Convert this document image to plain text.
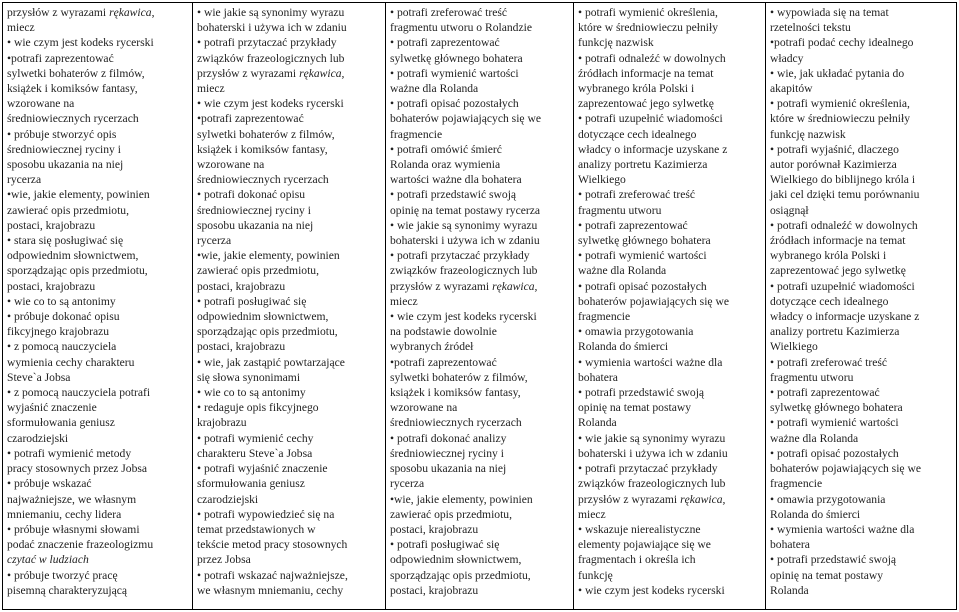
przysłów z wyrazami rękawica,
miecz
• wie czym jest kodeks rycerski
•potrafi zaprezentować
sylwetki bohaterów z filmów,
książek i komiksów fantasy,
wzorowane na
średniowiecznych rycerzach
• próbuje stworzyć opis
średniowiecznej ryciny i
sposobu ukazania na niej
rycerza
•wie, jakie elementy, powinien
zawierać opis przedmiotu,
postaci, krajobrazu
• stara się posługiwać się
odpowiednim słownictwem,
sporządzając opis przedmiotu,
postaci, krajobrazu
• wie co to są antonimy
• próbuje dokonać opisu
fikcyjnego krajobrazu
• z pomocą nauczyciela
wymienia cechy charakteru
Steve`a Jobsa
• z pomocą nauczyciela potrafi
wyjaśnić znaczenie
sformułowania geniusz
czarodziejski
• potrafi wymienić metody
pracy stosownych przez Jobsa
• próbuje wskazać
najważniejsze, we własnym
mniemaniu, cechy lidera
• próbuje własnymi słowami
podać znaczenie frazeologizmu
czytać w ludziach
• próbuje tworzyć pracę
pisemną charakteryzującą
• wie jakie są synonimy wyrazu
bohaterski i używa ich w zdaniu
• potrafi przytaczać przykłady
związków frazeologicznych lub
przysłów z wyrazami rękawica,
miecz
• wie czym jest kodeks rycerski
•potrafi zaprezentować
sylwetki bohaterów z filmów,
książek i komiksów fantasy,
wzorowane na
średniowiecznych rycerzach
• potrafi dokonać opisu
średniowiecznej ryciny i
sposobu ukazania na niej
rycerza
•wie, jakie elementy, powinien
zawierać opis przedmiotu,
postaci, krajobrazu
• potrafi posługiwać się
odpowiednim słownictwem,
sporządzając opis przedmiotu,
postaci, krajobrazu
• wie, jak zastąpić powtarzające
się słowa synonimami
• wie co to są antonimy
• redaguje opis fikcyjnego
krajobrazu
• potrafi wymienić cechy
charakteru Steve`a Jobsa
• potrafi wyjaśnić znaczenie
sformułowania geniusz
czarodziejski
• potrafi wypowiedzieć się na
temat przedstawionych w
tekście metod pracy stosownych
przez Jobsa
• potrafi wskazać najważniejsze,
we własnym mniemaniu, cechy
• potrafi zreferować treść
fragmentu utworu o Rolandzie
• potrafi zaprezentować
sylwetkę głównego bohatera
• potrafi wymienić wartości
ważne dla Rolanda
• potrafi opisać pozostałych
bohaterów pojawiających się we
fragmencie
• potrafi omówić śmierć
Rolanda oraz wymienia
wartości ważne dla bohatera
• potrafi przedstawić swoją
opinię na temat postawy rycerza
• wie jakie są synonimy wyrazu
bohaterski i używa ich w zdaniu
• potrafi przytaczać przykłady
związków frazeologicznych lub
przysłów z wyrazami rękawica,
miecz
• wie czym jest kodeks rycerski
na podstawie dowolnie
wybranych źródeł
•potrafi zaprezentować
sylwetki bohaterów z filmów,
książek i komiksów fantasy,
wzorowane na
średniowiecznych rycerzach
• potrafi dokonać analizy
średniowiecznej ryciny i
sposobu ukazania na niej
rycerza
•wie, jakie elementy, powinien
zawierać opis przedmiotu,
postaci, krajobrazu
• potrafi posługiwać się
odpowiednim słownictwem,
sporządzając opis przedmiotu,
postaci, krajobrazu
• potrafi wymienić określenia,
które w średniowieczu pełniły
funkcję nazwisk
• potrafi odnaleźć w dowolnych
źródłach informacje na temat
wybranego króla Polski i
zaprezentować jego sylwetkę
• potrafi uzupełnić wiadomości
dotyczące cech idealnego
władcy o informacje uzyskane z
analizy portretu Kazimierza
Wielkiego
• potrafi zreferować treść
fragmentu utworu
• potrafi zaprezentować
sylwetkę głównego bohatera
• potrafi wymienić wartości
ważne dla Rolanda
• potrafi opisać pozostałych
bohaterów pojawiających się we
fragmencie
• omawia przygotowania
Rolanda do śmierci
• wymienia wartości ważne dla
bohatera
• potrafi przedstawić swoją
opinię na temat postawy
Rolanda
• wie jakie są synonimy wyrazu
bohaterski i używa ich w zdaniu
• potrafi przytaczać przykłady
związków frazeologicznych lub
przysłów z wyrazami rękawica,
miecz
• wskazuje nierealistyczne
elementy pojawiające się we
fragmentach i określa ich
funkcję
• wie czym jest kodeks rycerski
• wypowiada się na temat
rzetelności tekstu
•potrafi podać cechy idealnego
władcy
• wie, jak układać pytania do
akapitów
• potrafi wymienić określenia,
które w średniowieczu pełniły
funkcję nazwisk
• potrafi wyjaśnić, dlaczego
autor porównał Kazimierza
Wielkiego do biblijnego króla i
jaki cel dzięki temu porównaniu
osiągnął
• potrafi odnaleźć w dowolnych
źródłach informacje na temat
wybranego króla Polski i
zaprezentować jego sylwetkę
• potrafi uzupełnić wiadomości
dotyczące cech idealnego
władcy o informacje uzyskane z
analizy portretu Kazimierza
Wielkiego
• potrafi zreferować treść
fragmentu utworu
• potrafi zaprezentować
sylwetkę głównego bohatera
• potrafi wymienić wartości
ważne dla Rolanda
• potrafi opisać pozostałych
bohaterów pojawiających się we
fragmencie
• omawia przygotowania
Rolanda do śmierci
• wymienia wartości ważne dla
bohatera
• potrafi przedstawić swoją
opinię na temat postawy
Rolanda
